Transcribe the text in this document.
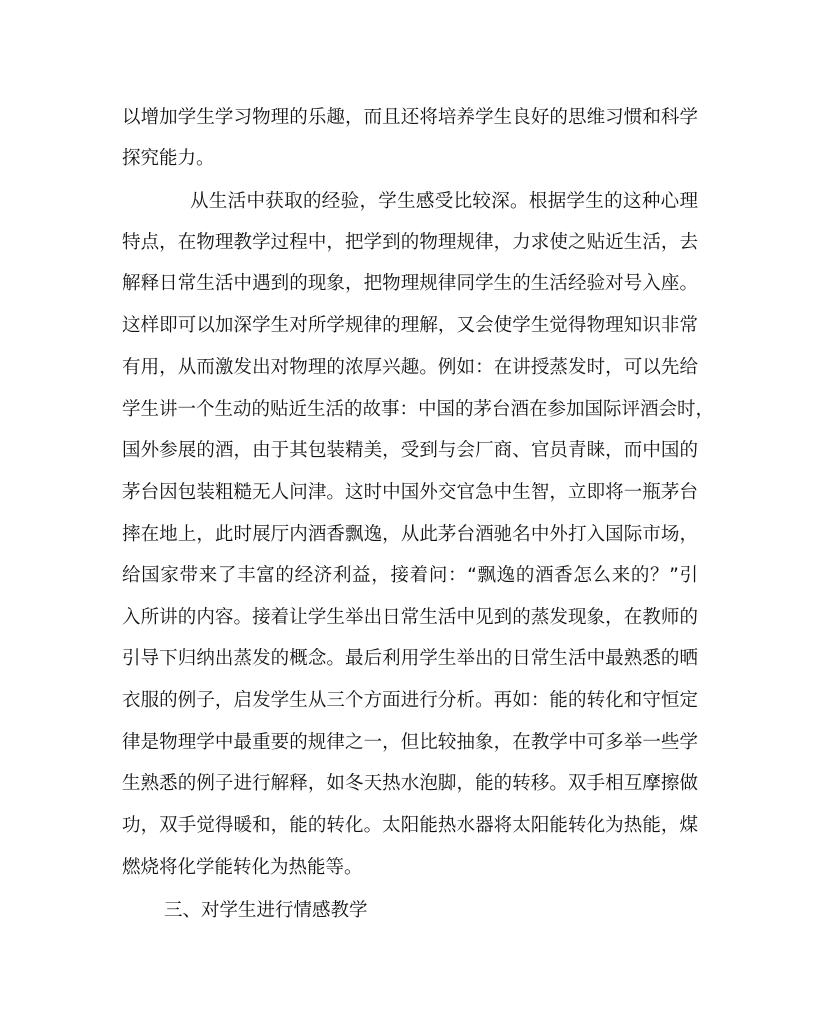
以增加学生学习物理的乐趣，而且还将培养学生良好的思维习惯和科学
探究能力。
从生活中获取的经验，学生感受比较深。根据学生的这种心理
特点，在物理教学过程中，把学到的物理规律，力求使之贴近生活，去
解释日常生活中遇到的现象，把物理规律同学生的生活经验对号入座。
这样即可以加深学生对所学规律的理解，又会使学生觉得物理知识非常
有用，从而激发出对物理的浓厚兴趣。例如：在讲授蒸发时，可以先给
学生讲一个生动的贴近生活的故事：中国的茅台酒在参加国际评酒会时，
国外参展的酒，由于其包装精美，受到与会厂商、官员青睐，而中国的
茅台因包装粗糙无人问津。这时中国外交官急中生智，立即将一瓶茅台
摔在地上，此时展厅内酒香飘逸，从此茅台酒驰名中外打入国际市场，
给国家带来了丰富的经济利益，接着问：“飘逸的酒香怎么来的？”引
入所讲的内容。接着让学生举出日常生活中见到的蒸发现象，在教师的
引导下归纳出蒸发的概念。最后利用学生举出的日常生活中最熟悉的晒
衣服的例子，启发学生从三个方面进行分析。再如：能的转化和守恒定
律是物理学中最重要的规律之一，但比较抽象，在教学中可多举一些学
生熟悉的例子进行解释，如冬天热水泡脚，能的转移。双手相互摩擦做
功，双手觉得暖和，能的转化。太阳能热水器将太阳能转化为热能，煤
燃烧将化学能转化为热能等。
三、对学生进行情感教学
